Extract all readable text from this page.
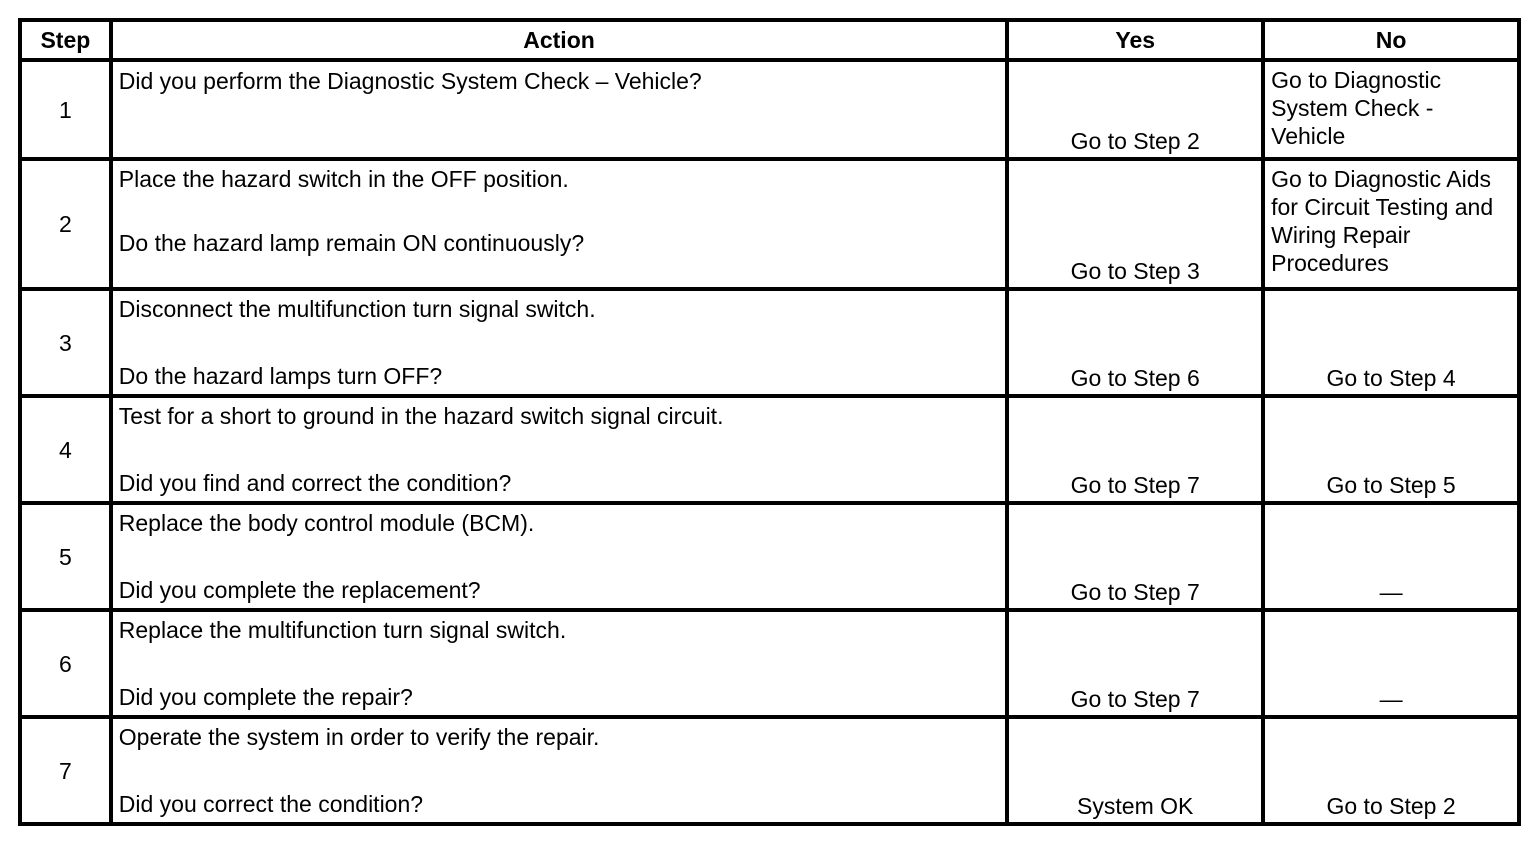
Step	Action	Yes	No
1	Did you perform the Diagnostic System Check – Vehicle?	Go to Step 2	Go to Diagnostic System Check - Vehicle
2	Place the hazard switch in the OFF position.
Do the hazard lamp remain ON continuously?	Go to Step 3	Go to Diagnostic Aids for Circuit Testing and Wiring Repair Procedures
3	Disconnect the multifunction turn signal switch.
Do the hazard lamps turn OFF?	Go to Step 6	Go to Step 4
4	Test for a short to ground in the hazard switch signal circuit.
Did you find and correct the condition?	Go to Step 7	Go to Step 5
5	Replace the body control module (BCM).
Did you complete the replacement?	Go to Step 7	—
6	Replace the multifunction turn signal switch.
Did you complete the repair?	Go to Step 7	—
7	Operate the system in order to verify the repair.
Did you correct the condition?	System OK	Go to Step 2
